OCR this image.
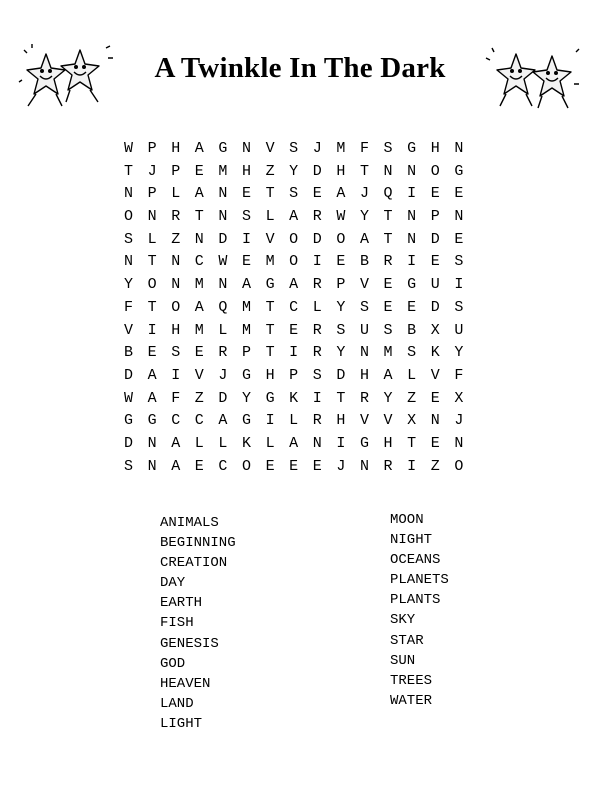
A Twinkle In The Dark
W P H A G N V S J M F S G H N
T J P E M H Z Y D H T N N O G
N P L A N E T S E A J Q I E E
O N R T N S L A R W Y T N P N
S L Z N D I V O D O A T N D E
N T N C W E M O I E B R I E S
Y O N M N A G A R P V E G U I
F T O A Q M T C L Y S E E D S
V I H M L M T E R S U S B X U
B E S E R P T I R Y N M S K Y
D A I V J G H P S D H A L V F
W A F Z D Y G K I T R Y Z E X
G G C C A G I L R H V V X N J
D N A L L K L A N I G H T E N
S N A E C O E E E J N R I Z O
ANIMALS
BEGINNING
CREATION
DAY
EARTH
FISH
GENESIS
GOD
HEAVEN
LAND
LIGHT
MOON
NIGHT
OCEANS
PLANETS
PLANTS
SKY
STAR
SUN
TREES
WATER
